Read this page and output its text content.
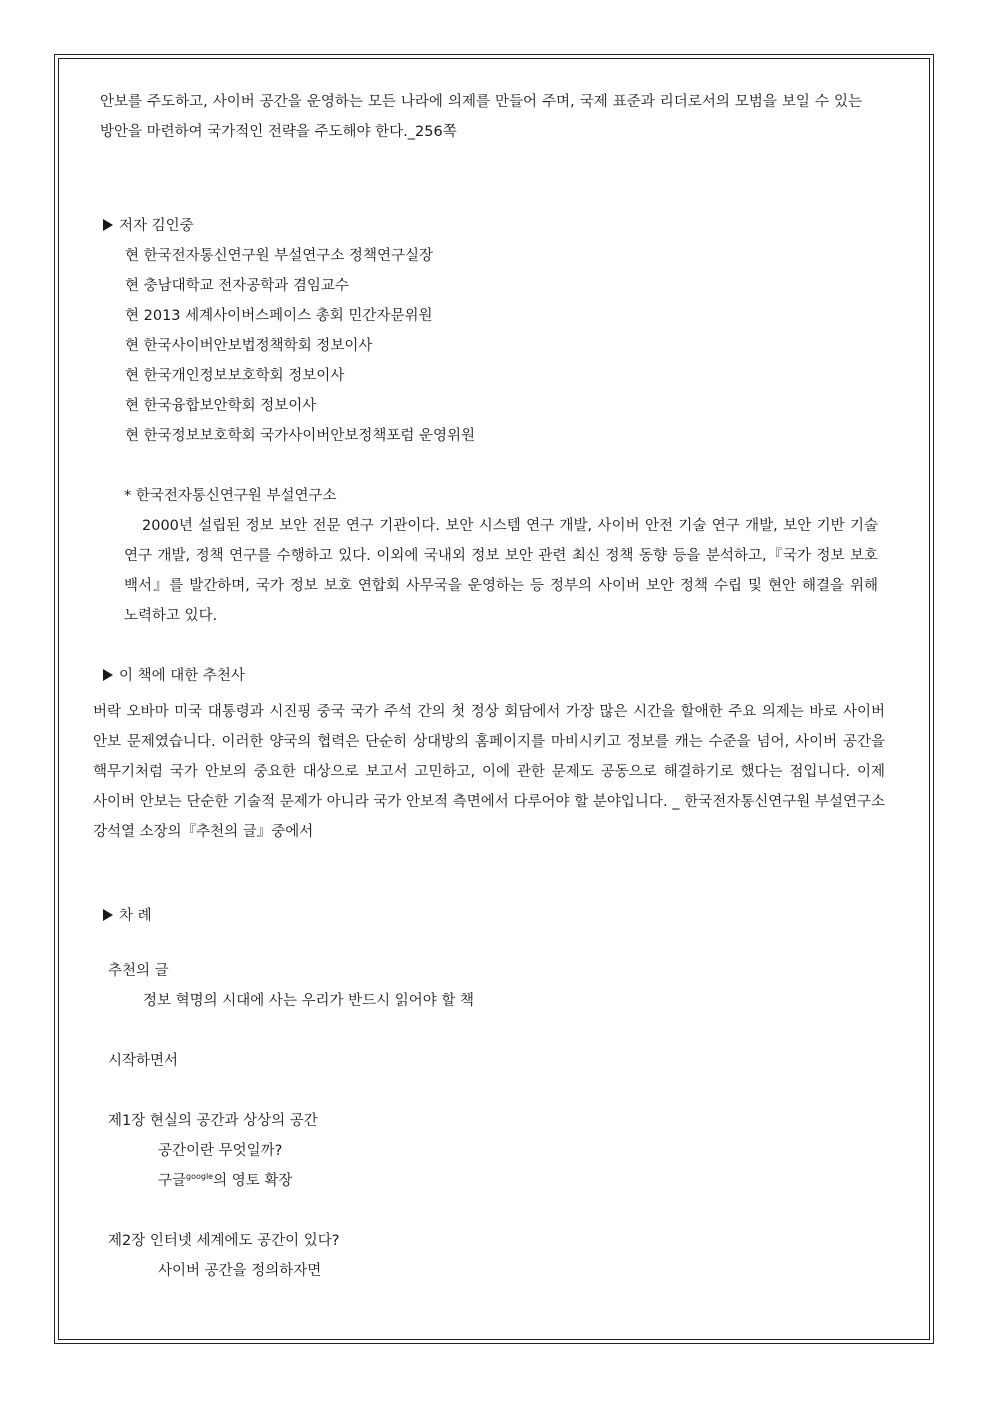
안보를 주도하고, 사이버 공간을 운영하는 모든 나라에 의제를 만들어 주며, 국제 표준과 리더로서의 모범을 보일 수 있는
방안을 마련하여 국가적인 전략을 주도해야 한다._256쪽
저자 김인중
현 한국전자통신연구원 부설연구소 정책연구실장
현 충남대학교 전자공학과 겸임교수
현 2013 세계사이버스페이스 총회 민간자문위원
현 한국사이버안보법정책학회 정보이사
현 한국개인정보보호학회 정보이사
현 한국융합보안학회 정보이사
현 한국정보보호학회 국가사이버안보정책포럼 운영위원
* 한국전자통신연구원 부설연구소
2000년 설립된 정보 보안 전문 연구 기관이다. 보안 시스템 연구 개발, 사이버 안전 기술 연구 개발, 보안 기반 기술
연구 개발, 정책 연구를 수행하고 있다. 이외에 국내외 정보 보안 관련 최신 정책 동향 등을 분석하고,『국가 정보 보호
백서』를 발간하며, 국가 정보 보호 연합회 사무국을 운영하는 등 정부의 사이버 보안 정책 수립 및 현안 해결을 위해
노력하고 있다.
이 책에 대한 추천사
버락 오바마 미국 대통령과 시진핑 중국 국가 주석 간의 첫 정상 회담에서 가장 많은 시간을 할애한 주요 의제는 바로 사이버
안보 문제였습니다. 이러한 양국의 협력은 단순히 상대방의 홈페이지를 마비시키고 정보를 캐는 수준을 넘어, 사이버 공간을
핵무기처럼 국가 안보의 중요한 대상으로 보고서 고민하고, 이에 관한 문제도 공동으로 해결하기로 했다는 점입니다. 이제
사이버 안보는 단순한 기술적 문제가 아니라 국가 안보적 측면에서 다루어야 할 분야입니다. _ 한국전자통신연구원 부설연구소
강석열 소장의『추천의 글』중에서
차 례
추천의 글
정보 혁명의 시대에 사는 우리가 반드시 읽어야 할 책
시작하면서
제1장 현실의 공간과 상상의 공간
공간이란 무엇일까?
구글$^{google}$의 영토 확장
제2장 인터넷 세계에도 공간이 있다?
사이버 공간을 정의하자면
